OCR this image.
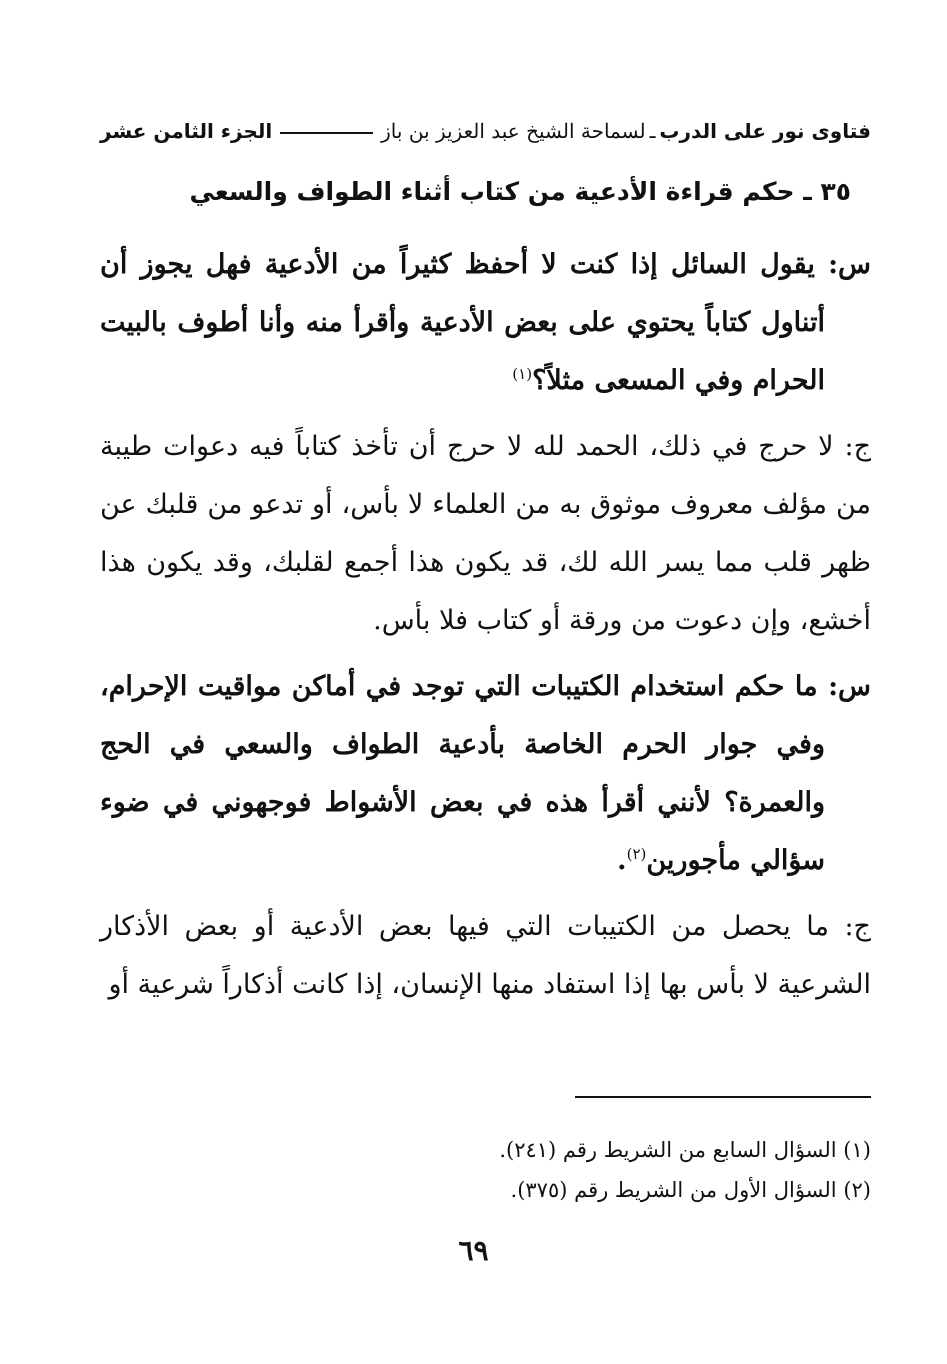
فتاوى نور على الدرب
ـ
لسماحة الشيخ عبد العزيز بن باز
الجزء الثامن عشر
٣٥ ـ حكم قراءة الأدعية من كتاب أثناء الطواف والسعي

س: يقول السائل إذا كنت لا أحفظ كثيراً من الأدعية فهل يجوز أن أتناول كتاباً يحتوي على بعض الأدعية وأقرأ منه وأنا أطوف بالبيت الحرام وفي المسعى مثلاً؟$^{(١)}$

ج: لا حرج في ذلك، الحمد لله لا حرج أن تأخذ كتاباً فيه دعوات طيبة من مؤلف معروف موثوق به من العلماء لا بأس، أو تدعو من قلبك عن ظهر قلب مما يسر الله لك، قد يكون هذا أجمع لقلبك، وقد يكون هذا أخشع، وإن دعوت من ورقة أو كتاب فلا بأس.

س: ما حكم استخدام الكتيبات التي توجد في أماكن مواقيت الإحرام، وفي جوار الحرم الخاصة بأدعية الطواف والسعي في الحج والعمرة؟ لأنني أقرأ هذه في بعض الأشواط فوجهوني في ضوء سؤالي مأجورين$^{(٢)}$.

ج: ما يحصل من الكتيبات التي فيها بعض الأدعية أو بعض الأذكار الشرعية لا بأس بها إذا استفاد منها الإنسان، إذا كانت أذكاراً شرعية أو

(١) السؤال السابع من الشريط رقم (٢٤١).
(٢) السؤال الأول من الشريط رقم (٣٧٥).
٦٩
